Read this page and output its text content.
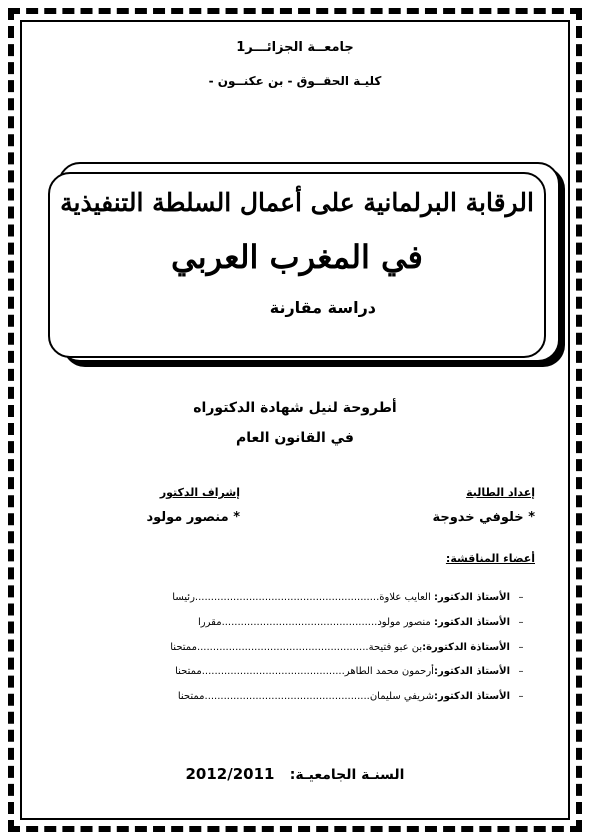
جامعــة الجزائـــر1
كليـة الحقــوق - بن عكنــون -
الرقابة البرلمانية على أعمال السلطة التنفيذية
في المغرب العربي
دراسة مقارنة
أطروحة لنيل شهادة الدكتوراه
في القانون العام
إعداد الطالبة
* خلوفي خدوجة
إشراف الدكتور
* منصور مولود
أعضاء المناقشة:
–الأستاذ الدكتور: العايب علاوة..........................................................رئيسا
–الأستاذ الدكتور: منصور مولود.................................................مقررا
–الأستاذة الدكتورة:بن عبو فتيحة......................................................ممتحنا
–الأستاذ الدكتور:أرحمون محمد الطاهر.............................................ممتحنا
–الأستاذ الدكتور:شريفي سليمان....................................................ممتحنا
السنـة الجامعيـة:   2012/2011
